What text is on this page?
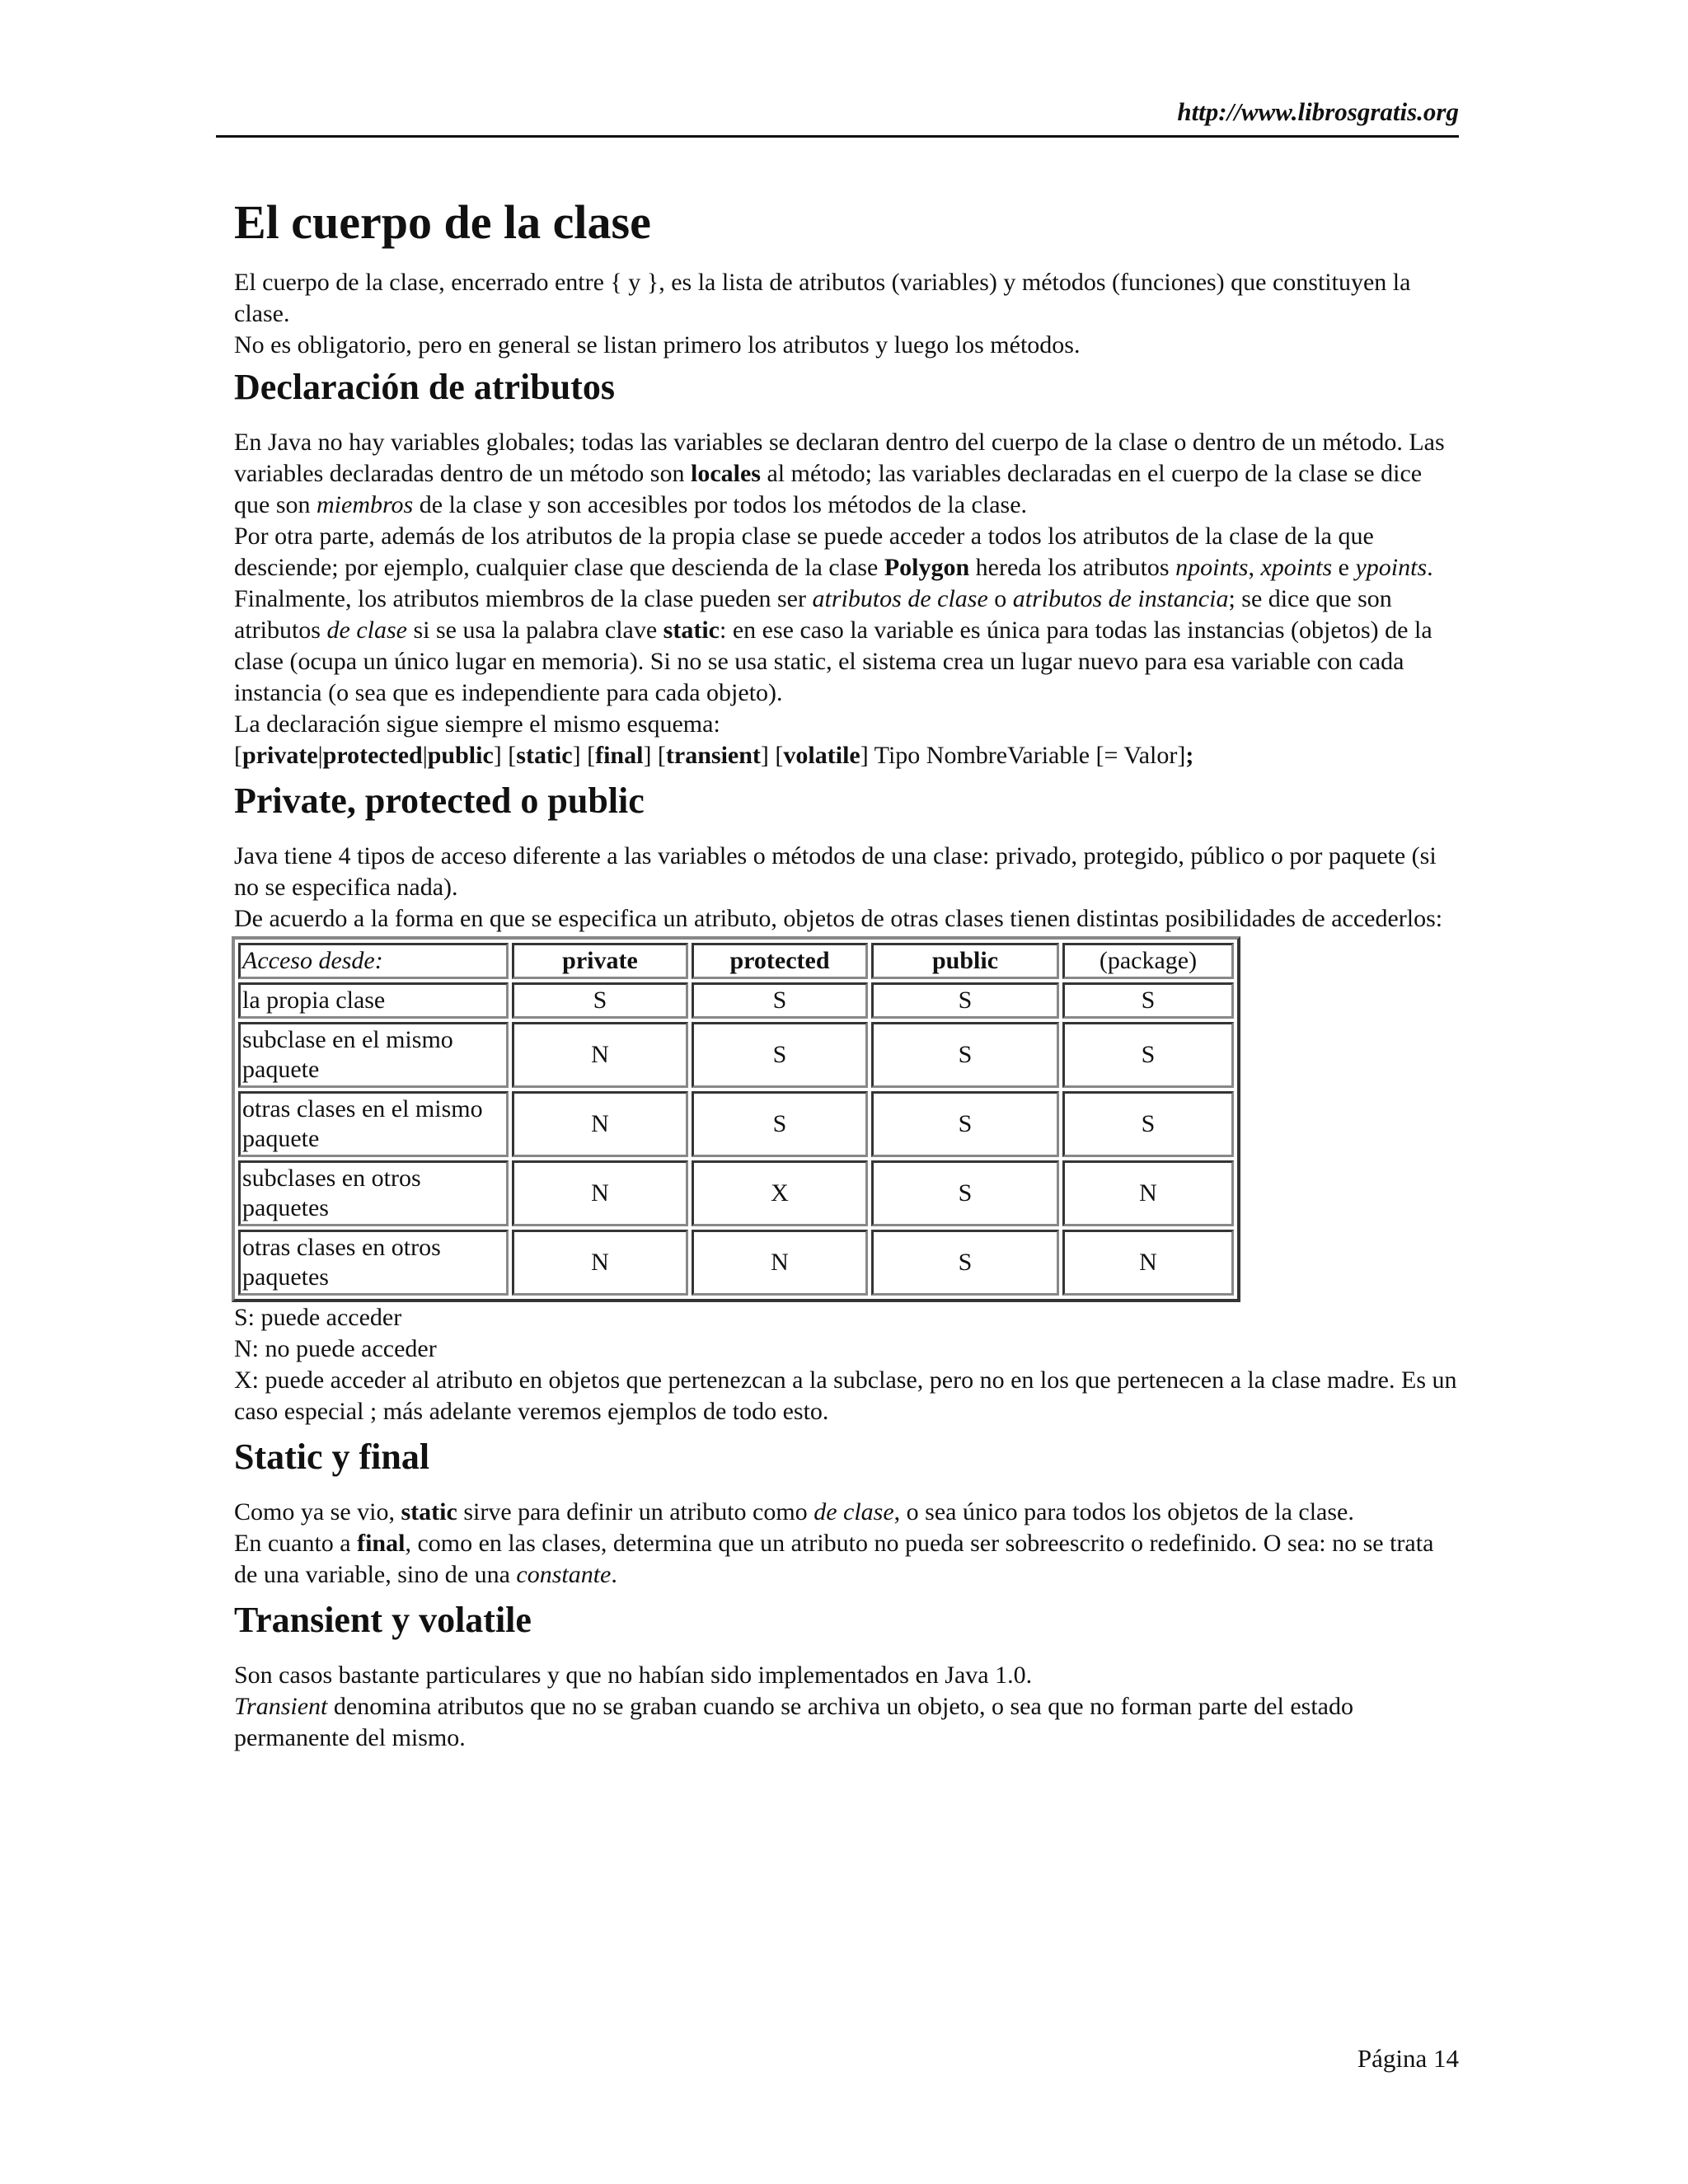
http://www.librosgratis.org
El cuerpo de la clase

El cuerpo de la clase, encerrado entre { y }, es la lista de atributos (variables) y métodos (funciones) que constituyen la clase.

No es obligatorio, pero en general se listan primero los atributos y luego los métodos.

Declaración de atributos

En Java no hay variables globales; todas las variables se declaran dentro del cuerpo de la clase o dentro de un método. Las variables declaradas dentro de un método son locales al método; las variables declaradas en el cuerpo de la clase se dice que son miembros de la clase y son accesibles por todos los métodos de la clase.

Por otra parte, además de los atributos de la propia clase se puede acceder a todos los atributos de la clase de la que desciende; por ejemplo, cualquier clase que descienda de la clase Polygon hereda los atributos npoints, xpoints e ypoints.

Finalmente, los atributos miembros de la clase pueden ser atributos de clase o atributos de instancia; se dice que son atributos de clase si se usa la palabra clave static: en ese caso la variable es única para todas las instancias (objetos) de la clase (ocupa un único lugar en memoria). Si no se usa static, el sistema crea un lugar nuevo para esa variable con cada instancia (o sea que es independiente para cada objeto).

La declaración sigue siempre el mismo esquema:

[private|protected|public] [static] [final] [transient] [volatile] Tipo NombreVariable [= Valor];

Private, protected o public

Java tiene 4 tipos de acceso diferente a las variables o métodos de una clase: privado, protegido, público o por paquete (si no se especifica nada).

De acuerdo a la forma en que se especifica un atributo, objetos de otras clases tienen distintas posibilidades de accederlos:

Acceso desde:	private	protected	public	(package)
la propia clase	S	S	S	S
subclase en el mismo paquete	N	S	S	S
otras clases en el mismo paquete	N	S	S	S
subclases en otros paquetes	N	X	S	N
otras clases en otros paquetes	N	N	S	N

S: puede acceder

N: no puede acceder

X: puede acceder al atributo en objetos que pertenezcan a la subclase, pero no en los que pertenecen a la clase madre. Es un caso especial ; más adelante veremos ejemplos de todo esto.

Static y final

Como ya se vio, static sirve para definir un atributo como de clase, o sea único para todos los objetos de la clase.

En cuanto a final, como en las clases, determina que un atributo no pueda ser sobreescrito o redefinido. O sea: no se trata de una variable, sino de una constante.

Transient y volatile

Son casos bastante particulares y que no habían sido implementados en Java 1.0.

Transient denomina atributos que no se graban cuando se archiva un objeto, o sea que no forman parte del estado permanente del mismo.

Página 14
